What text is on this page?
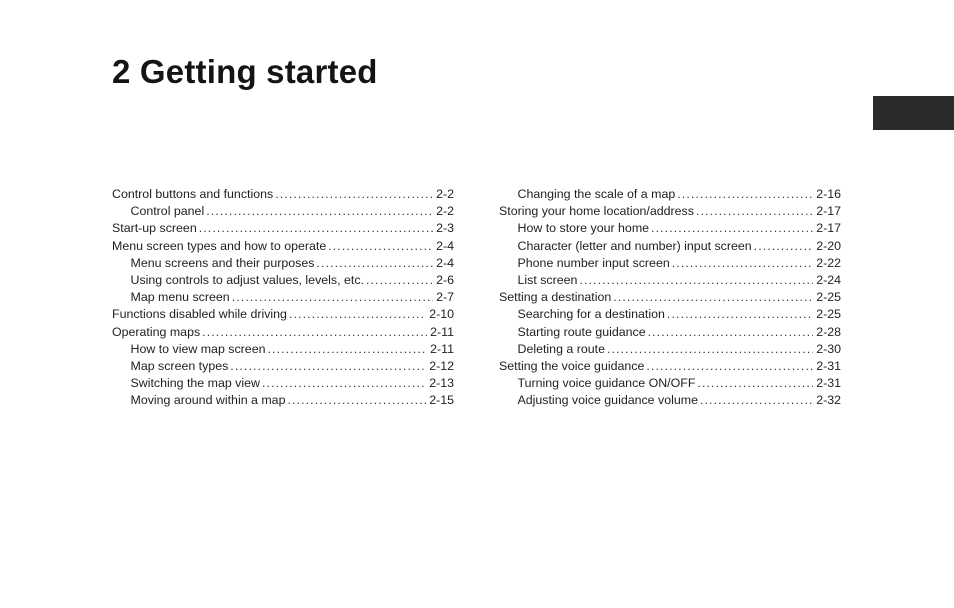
2 Getting started
Control buttons and functions .....	2-2
Control panel .....	2-2
Start-up screen .....	2-3
Menu screen types and how to operate .....	2-4
Menu screens and their purposes .....	2-4
Using controls to adjust values, levels, etc. .....	2-6
Map menu screen .....	2-7
Functions disabled while driving .....	2-10
Operating maps .....	2-11
How to view map screen .....	2-11
Map screen types .....	2-12
Switching the map view .....	2-13
Moving around within a map .....	2-15
Changing the scale of a map .....	2-16
Storing your home location/address .....	2-17
How to store your home .....	2-17
Character (letter and number) input screen .....	2-20
Phone number input screen .....	2-22
List screen .....	2-24
Setting a destination .....	2-25
Searching for a destination .....	2-25
Starting route guidance .....	2-28
Deleting a route .....	2-30
Setting the voice guidance .....	2-31
Turning voice guidance ON/OFF .....	2-31
Adjusting voice guidance volume .....	2-32
